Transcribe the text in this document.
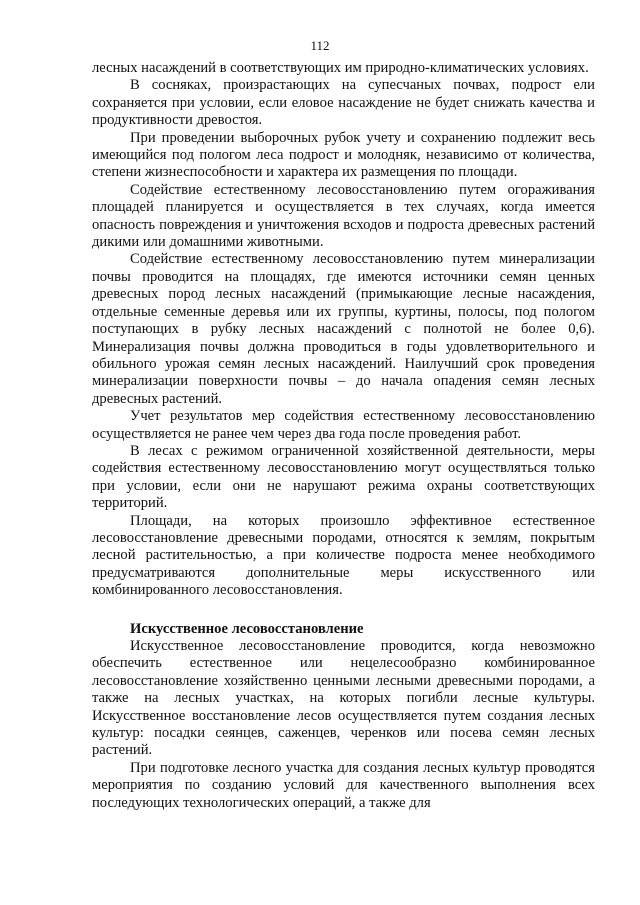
112

лесных насаждений в соответствующих им природно-климатических условиях.

В сосняках, произрастающих на супесчаных почвах, подрост ели сохраняется при условии, если еловое насаждение не будет снижать качества и продуктивности древостоя.

При проведении выборочных рубок учету и сохранению подлежит весь имеющийся под пологом леса подрост и молодняк, независимо от количества, степени жизнеспособности и характера их размещения по площади.

Содействие естественному лесовосстановлению путем огораживания площадей планируется и осуществляется в тех случаях, когда имеется опасность повреждения и уничтожения всходов и подроста древесных растений дикими или домашними животными.

Содействие естественному лесовосстановлению путем минерализации почвы проводится на площадях, где имеются источники семян ценных древесных пород лесных насаждений (примыкающие лесные насаждения, отдельные семенные деревья или их группы, куртины, полосы, под пологом поступающих в рубку лесных насаждений с полнотой не более 0,6). Минерализация почвы должна проводиться в годы удовлетворительного и обильного урожая семян лесных насаждений. Наилучший срок проведения минерализации поверхности почвы – до начала опадения семян лесных древесных растений.

Учет результатов мер содействия естественному лесовосстановлению осуществляется не ранее чем через два года после проведения работ.

В лесах с режимом ограниченной хозяйственной деятельности, меры содействия естественному лесовосстановлению могут осуществляться только при условии, если они не нарушают режима охраны соответствующих территорий.

Площади, на которых произошло эффективное естественное лесовосстановление древесными породами, относятся к землям, покрытым лесной растительностью, а при количестве подроста менее необходимого предусматриваются дополнительные меры искусственного или комбинированного лесовосстановления.

Искусственное лесовосстановление

Искусственное лесовосстановление проводится, когда невозможно обеспечить естественное или нецелесообразно комбинированное лесовосстановление хозяйственно ценными лесными древесными породами, а также на лесных участках, на которых погибли лесные культуры. Искусственное восстановление лесов осуществляется путем создания лесных культур: посадки сеянцев, саженцев, черенков или посева семян лесных растений.

При подготовке лесного участка для создания лесных культур проводятся мероприятия по созданию условий для качественного выполнения всех последующих технологических операций, а также для
